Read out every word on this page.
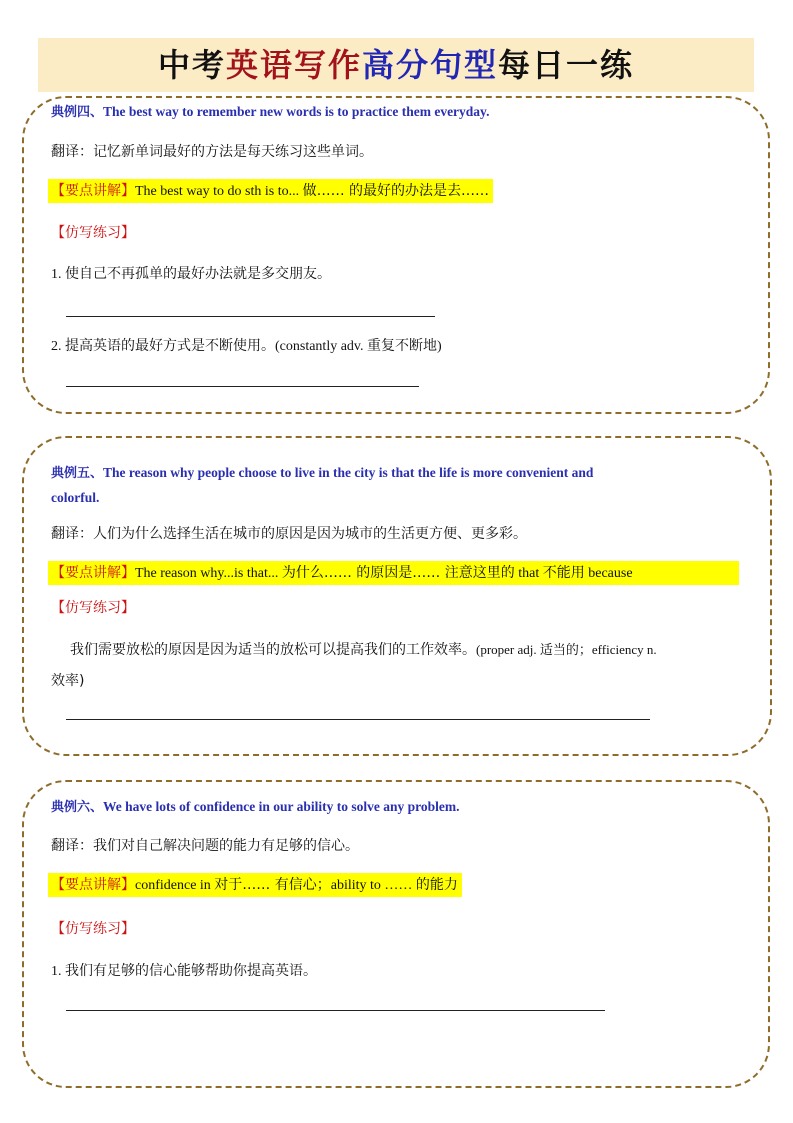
中考英语写作高分句型每日一练
典例四、The best way to remember new words is to practice them everyday.
翻译：记忆新单词最好的方法是每天练习这些单词。
【要点讲解】The best way to do sth is to... 做…… 的最好的办法是去……
【仿写练习】
1. 使自己不再孤单的最好办法就是多交朋友。
2. 提高英语的最好方式是不断使用。(constantly adv. 重复不断地)
典例五、The reason why people choose to live in the city is that the life is more convenient and
colorful.
翻译：人们为什么选择生活在城市的原因是因为城市的生活更方便、更多彩。
【要点讲解】The reason why...is that... 为什么…… 的原因是…… 注意这里的 that 不能用 because
【仿写练习】
我们需要放松的原因是因为适当的放松可以提高我们的工作效率。(proper adj. 适当的；efficiency n.
效率)
典例六、We have lots of confidence in our ability to solve any problem.
翻译：我们对自己解决问题的能力有足够的信心。
【要点讲解】confidence in 对于…… 有信心；ability to …… 的能力
【仿写练习】
1. 我们有足够的信心能够帮助你提高英语。
